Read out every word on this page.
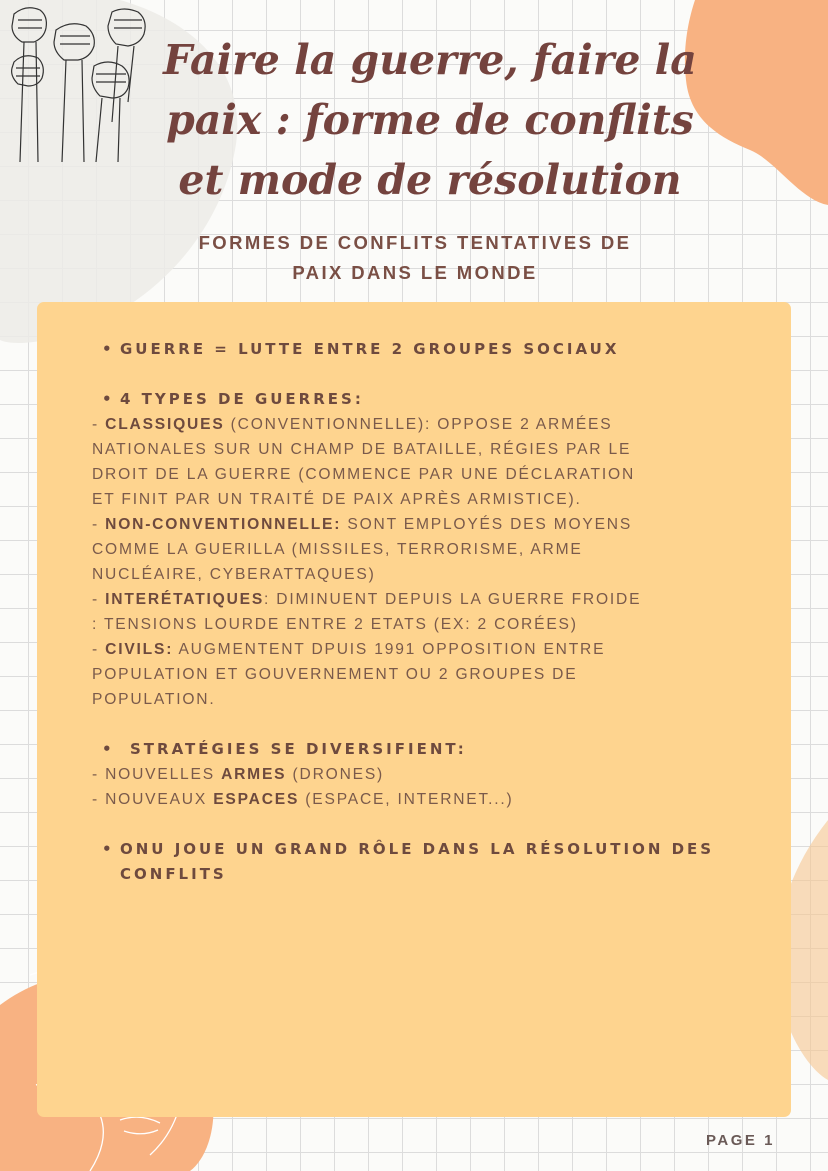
Faire la guerre, faire la paix : forme de conflits et mode de résolution
FORMES DE CONFLITS TENTATIVES DE
PAIX DANS LE MONDE
• GUERRE = LUTTE ENTRE 2 GROUPES SOCIAUX
• 4 TYPES DE GUERRES:
- CLASSIQUES (CONVENTIONNELLE): OPPOSE 2 ARMÉES
NATIONALES SUR UN CHAMP DE BATAILLE, RÉGIES PAR LE
DROIT DE LA GUERRE (COMMENCE PAR UNE DÉCLARATION
ET FINIT PAR UN TRAITÉ DE PAIX APRÈS ARMISTICE).
- NON-CONVENTIONNELLE: SONT EMPLOYÉS DES MOYENS
COMME LA GUERILLA (MISSILES, TERRORISME, ARME
NUCLÉAIRE, CYBERATTAQUES)
- INTERÉTATIQUES: DIMINUENT DEPUIS LA GUERRE FROIDE
: TENSIONS LOURDE ENTRE 2 ETATS (EX: 2 CORÉES)
- CIVILS: AUGMENTENT DPUIS 1991 OPPOSITION ENTRE
POPULATION ET GOUVERNEMENT OU 2 GROUPES DE
POPULATION.
• STRATÉGIES SE DIVERSIFIENT:
- NOUVELLES ARMES (DRONES)
- NOUVEAUX ESPACES (ESPACE, INTERNET...)
• ONU JOUE UN GRAND RÔLE DANS LA RÉSOLUTION DES
CONFLITS
PAGE 1
